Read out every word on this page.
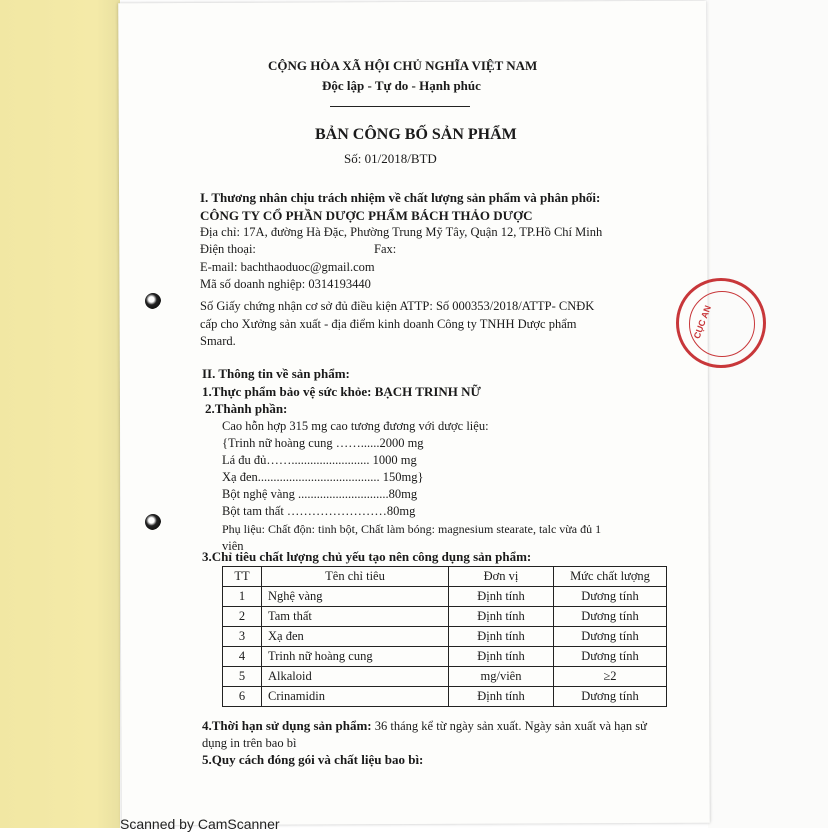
CỤC AN
CỘNG HÒA XÃ HỘI CHỦ NGHĨA VIỆT NAM
Độc lập - Tự do - Hạnh phúc
BẢN CÔNG BỐ SẢN PHẨM
Số: 01/2018/BTD
I. Thương nhân chịu trách nhiệm về chất lượng sản phẩm và phân phối:
CÔNG TY CỔ PHẦN DƯỢC PHẨM BÁCH THẢO DƯỢC
Địa chỉ: 17A, đường Hà Đặc, Phường Trung Mỹ Tây, Quận 12, TP.Hồ Chí Minh
Điện thoại:	Fax:
E-mail: bachthaoduoc@gmail.com
Mã số doanh nghiệp: 0314193440
Số Giấy chứng nhận cơ sở đủ điều kiện ATTP: Số 000353/2018/ATTP- CNĐK
cấp cho Xưởng sản xuất - địa điểm kinh doanh Công ty TNHH Dược phẩm
Smard.
II. Thông tin về sản phẩm:
1.Thực phẩm bảo vệ sức khỏe: BẠCH TRINH NỮ
2.Thành phần:
Cao hỗn hợp 315 mg cao tương đương với dược liệu:
{Trinh nữ hoàng cung ……......2000 mg
Lá đu đủ……......................... 1000 mg
Xạ đen....................................... 150mg}
Bột nghệ vàng .............................80mg
Bột tam thất ……………………80mg
Phụ liệu: Chất độn: tinh bột, Chất làm bóng: magnesium stearate, talc vừa đủ 1
viên
3.Chỉ tiêu chất lượng chủ yếu tạo nên công dụng sản phẩm:
TT	Tên chỉ tiêu	Đơn vị	Mức chất lượng
1	Nghệ vàng	Định tính	Dương tính
2	Tam thất	Định tính	Dương tính
3	Xạ đen	Định tính	Dương tính
4	Trinh nữ hoàng cung	Định tính	Dương tính
5	Alkaloid	mg/viên	≥2
6	Crinamidin	Định tính	Dương tính
4.Thời hạn sử dụng sản phẩm: 36 tháng kể từ ngày sản xuất. Ngày sản xuất và hạn sử
dụng in trên bao bì
5.Quy cách đóng gói và chất liệu bao bì:
Scanned by CamScanner
